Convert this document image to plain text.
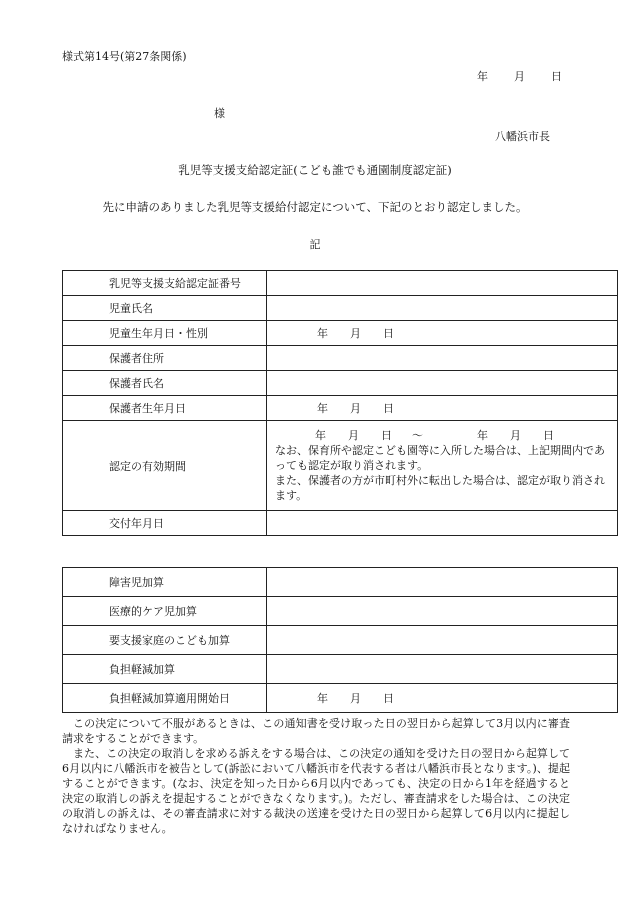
様式第14号(第27条関係)
年 月 日
様
八幡浜市長
乳児等支援支給認定証(こども誰でも通園制度認定証)
先に申請のありました乳児等支援給付認定について、下記のとおり認定しました。
記
乳児等支援支給認定証番号	
児童氏名	
児童生年月日・性別	年 月 日
保護者住所	
保護者氏名	
保護者生年月日	年 月 日
認定の有効期間	年 月 日 ～ 年 月 日
なお、保育所や認定こども園等に入所した場合は、上記期間内であっても認定が取り消されます。
また、保護者の方が市町村外に転出した場合は、認定が取り消されます。

交付年月日	
障害児加算	
医療的ケア児加算	
要支援家庭のこども加算	
負担軽減加算	
負担軽減加算適用開始日	年 月 日

この決定について不服があるときは、この通知書を受け取った日の翌日から起算して3月以内に審査請求をすることができます。

また、この決定の取消しを求める訴えをする場合は、この決定の通知を受けた日の翌日から起算して6月以内に八幡浜市を被告として(訴訟において八幡浜市を代表する者は八幡浜市長となります。)、提起することができます。(なお、決定を知った日から6月以内であっても、決定の日から1年を経過すると決定の取消しの訴えを提起することができなくなります。)。ただし、審査請求をした場合は、この決定の取消しの訴えは、その審査請求に対する裁決の送達を受けた日の翌日から起算して6月以内に提起しなければなりません。
